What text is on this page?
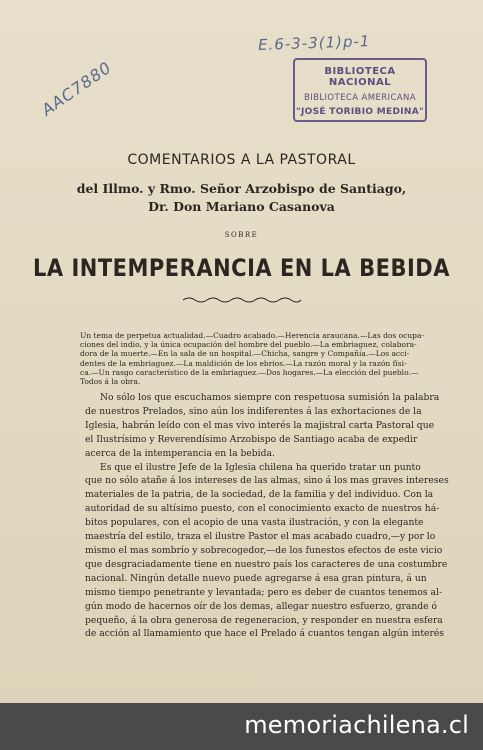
E.6-3-3(1)p-1
AAC7880	BIBLIOTECA NACIONAL
BIBLIOTECA AMERICANA
"JOSÉ TORIBIO MEDINA"
COMENTARIOS A LA PASTORAL
del Illmo. y Rmo. Señor Arzobispo de Santiago,
Dr. Don Mariano Casanova
SOBRE
LA INTEMPERANCIA EN LA BEBIDA
Un tema de perpetua actualidad.—Cuadro acabado.—Herencia araucana.—Las dos ocupa-
ciones del indio, y la única ocupación del hombre del pueblo.—La embriaguez, colabora-
dora de la muerte.—En la sala de un hospital.—Chicha, sangre y Compañía.—Los acci-
dentes de la embriaguez.—La maldición de los ebrios.—La razón moral y la razón físi-
ca.—Un rasgo característico de la embriaguez.—Dos hogares.—La elección del pueblo.—
Todos á la obra.
No sólo los que escuchamos siempre con respetuosa sumisión la palabra
de nuestros Prelados, sino aún los indiferentes á las exhortaciones de la
Iglesia, habrán leído con el mas vivo interés la majistral carta Pastoral que
el Ilustrísimo y Reverendísimo Arzobispo de Santiago acaba de expedir
acerca de la intemperancia en la bebida.
Es que el ilustre Jefe de la Iglesia chilena ha querido tratar un punto
que no sólo atañe á los intereses de las almas, sino á los mas graves intereses
materiales de la patria, de la sociedad, de la familia y del individuo. Con la
autoridad de su altísimo puesto, con el conocimiento exacto de nuestros há-
bitos populares, con el acopio de una vasta ilustración, y con la elegante
maestría del estilo, traza el ilustre Pastor el mas acabado cuadro,—y por lo
mismo el mas sombrío y sobrecogedor,—de los funestos efectos de este vicio
que desgraciadamente tiene en nuestro país los caracteres de una costumbre
nacional. Ningún detalle nuevo puede agregarse á esa gran pintura, á un
mismo tiempo penetrante y levantada; pero es deber de cuantos tenemos al-
gún modo de hacernos oír de los demas, allegar nuestro esfuerzo, grande ó
pequeño, á la obra generosa de regeneracion, y responder en nuestra esfera
de acción al llamamiento que hace el Prelado á cuantos tengan algún interés
memoriachilena.cl
